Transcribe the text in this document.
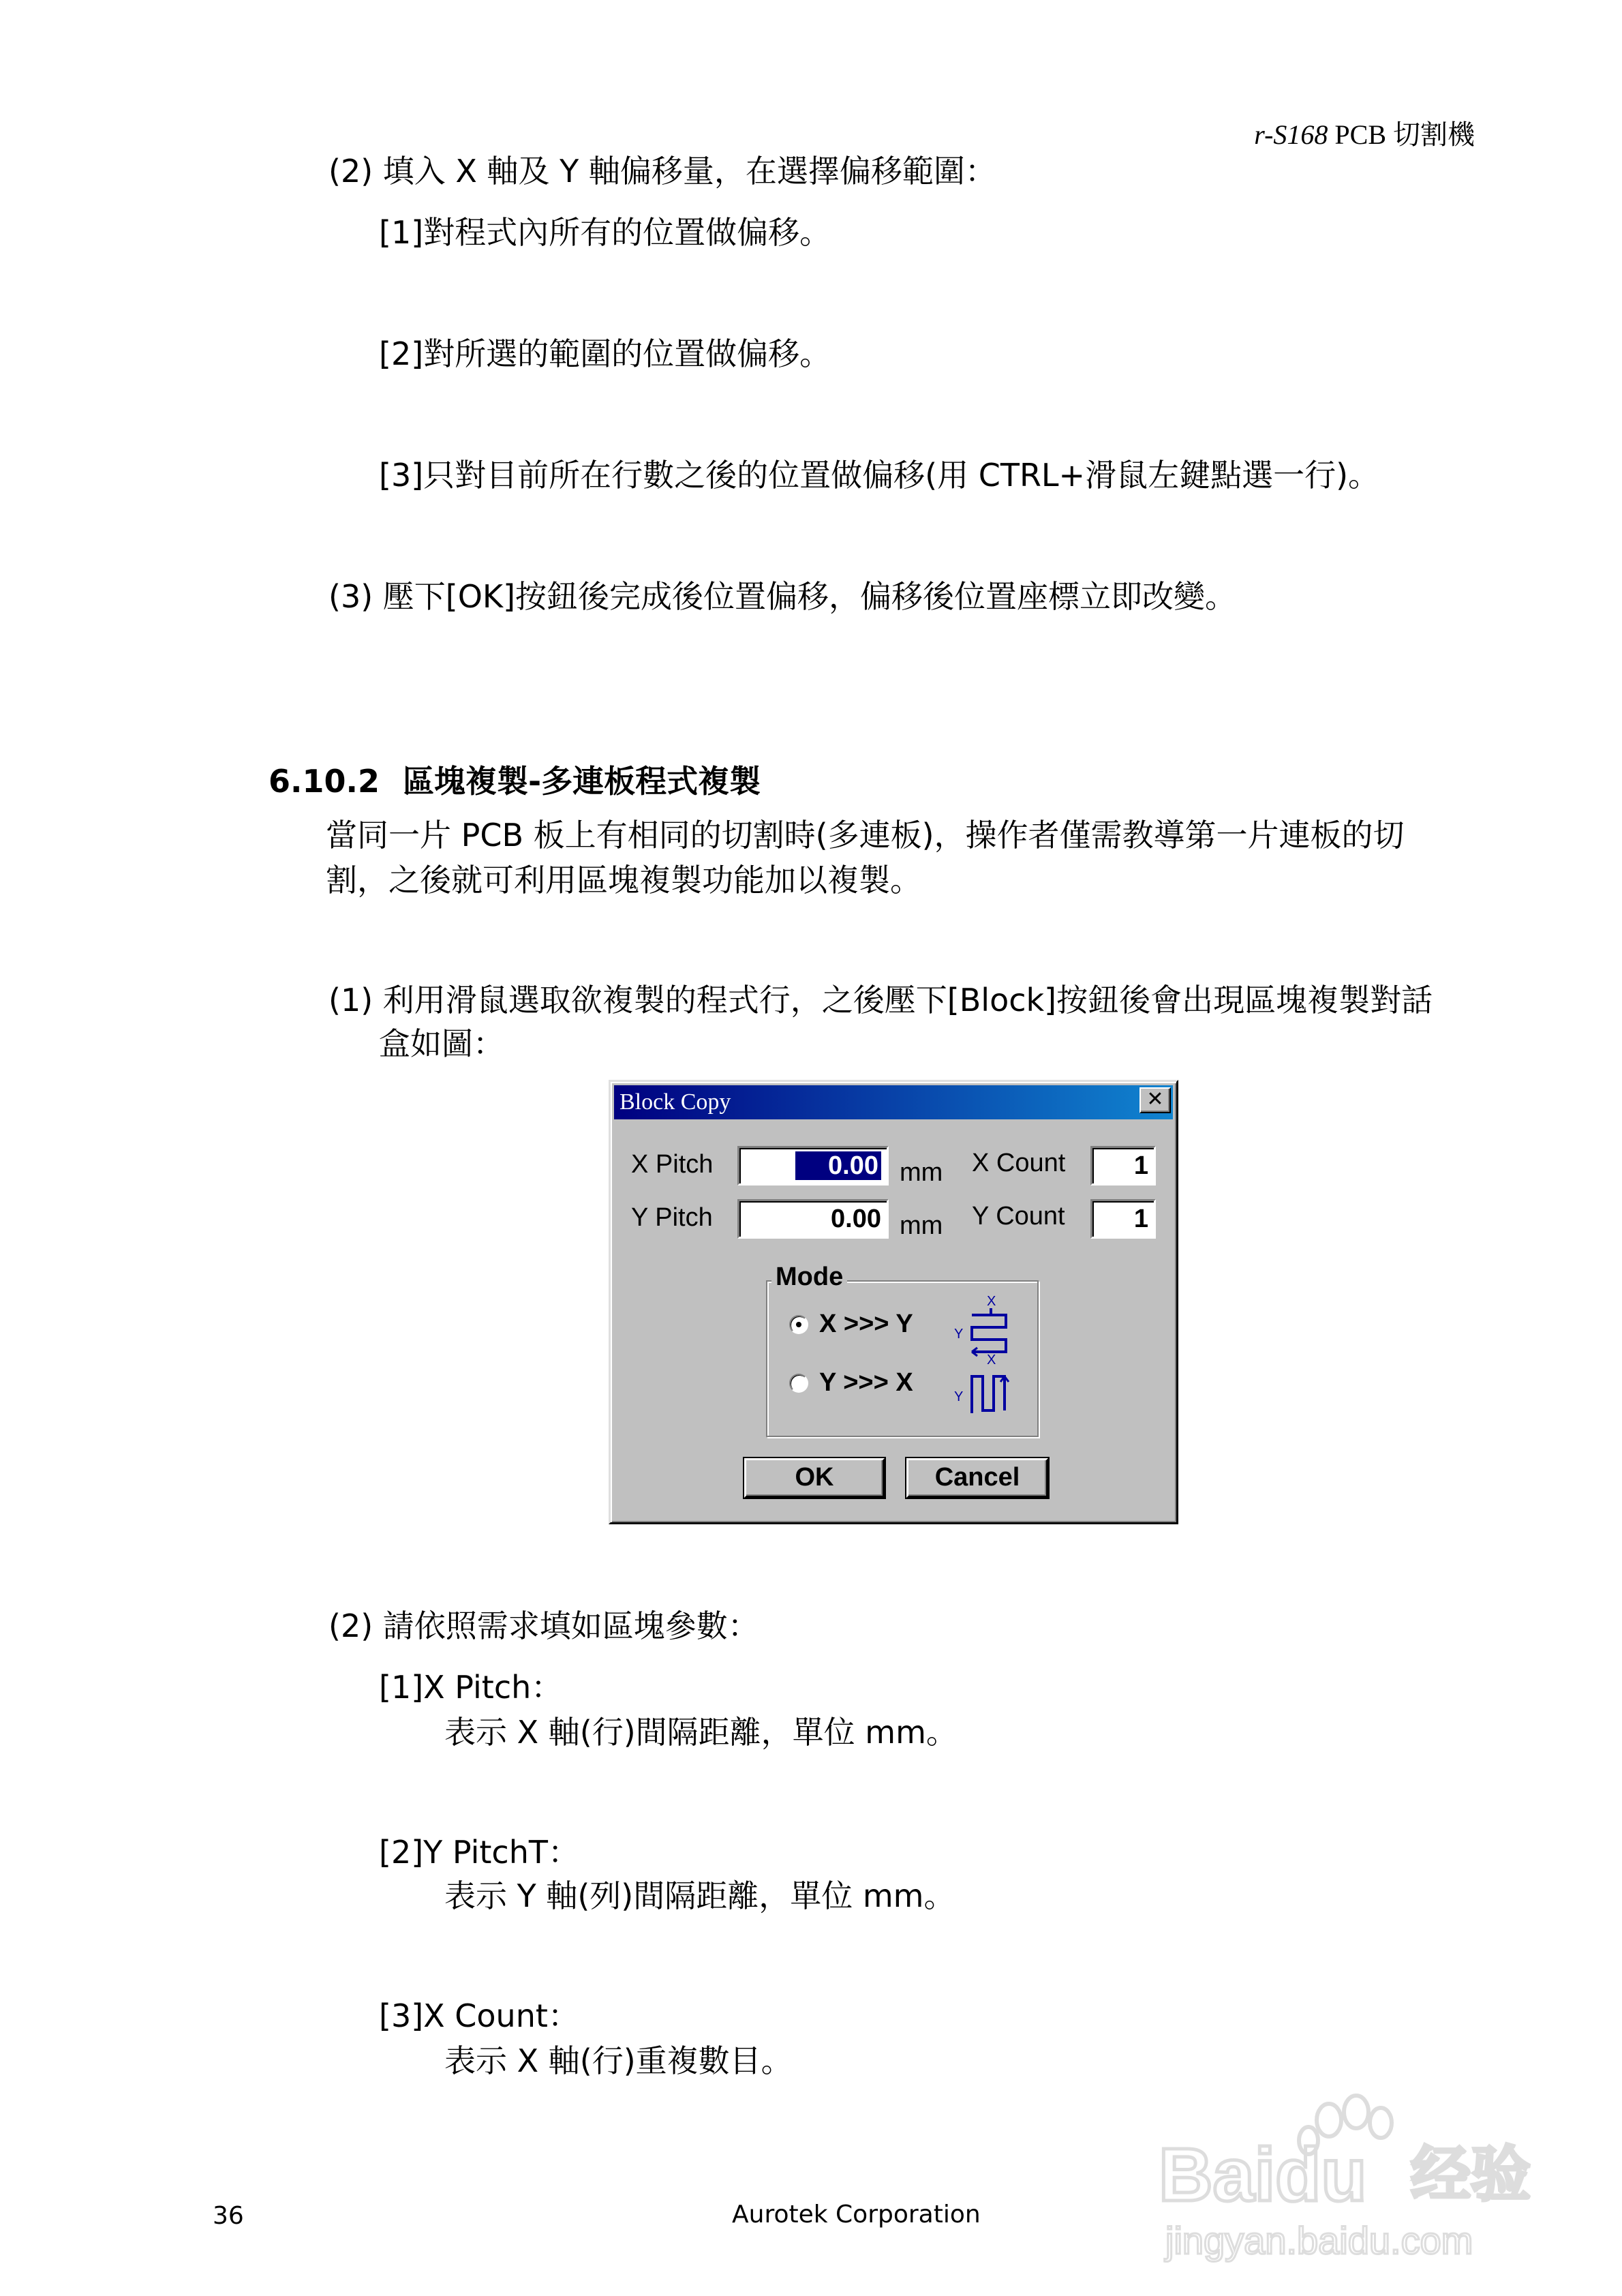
r-S168 PCB 切割機
(2) 填入 X 軸及 Y 軸偏移量，在選擇偏移範圍：
[1]對程式內所有的位置做偏移。
[2]對所選的範圍的位置做偏移。
[3]只對目前所在行數之後的位置做偏移(用 CTRL+滑鼠左鍵點選一行)。
(3) 壓下[OK]按鈕後完成後位置偏移，偏移後位置座標立即改變。
6.10.2 區塊複製-多連板程式複製
當同一片 PCB 板上有相同的切割時(多連板)，操作者僅需教導第一片連板的切
割，之後就可利用區塊複製功能加以複製。
(1) 利用滑鼠選取欲複製的程式行，之後壓下[Block]按鈕後會出現區塊複製對話
盒如圖：
Block Copy	✕
X Pitch	0.00 mm
Y Pitch	0.00 mm
X Count	1
Y Count	1
Mode
X >>> Y
X
Y
Y >>> X
X
Y
OK	Cancel
(2) 請依照需求填如區塊參數：
[1]X Pitch：
表示 X 軸(行)間隔距離，單位 mm。
[2]Y PitchT：
表示 Y 軸(列)間隔距離，單位 mm。
[3]X Count：
表示 X 軸(行)重複數目。
36	Aurotek Corporation Baidu 经验
jingyan.baidu.com
